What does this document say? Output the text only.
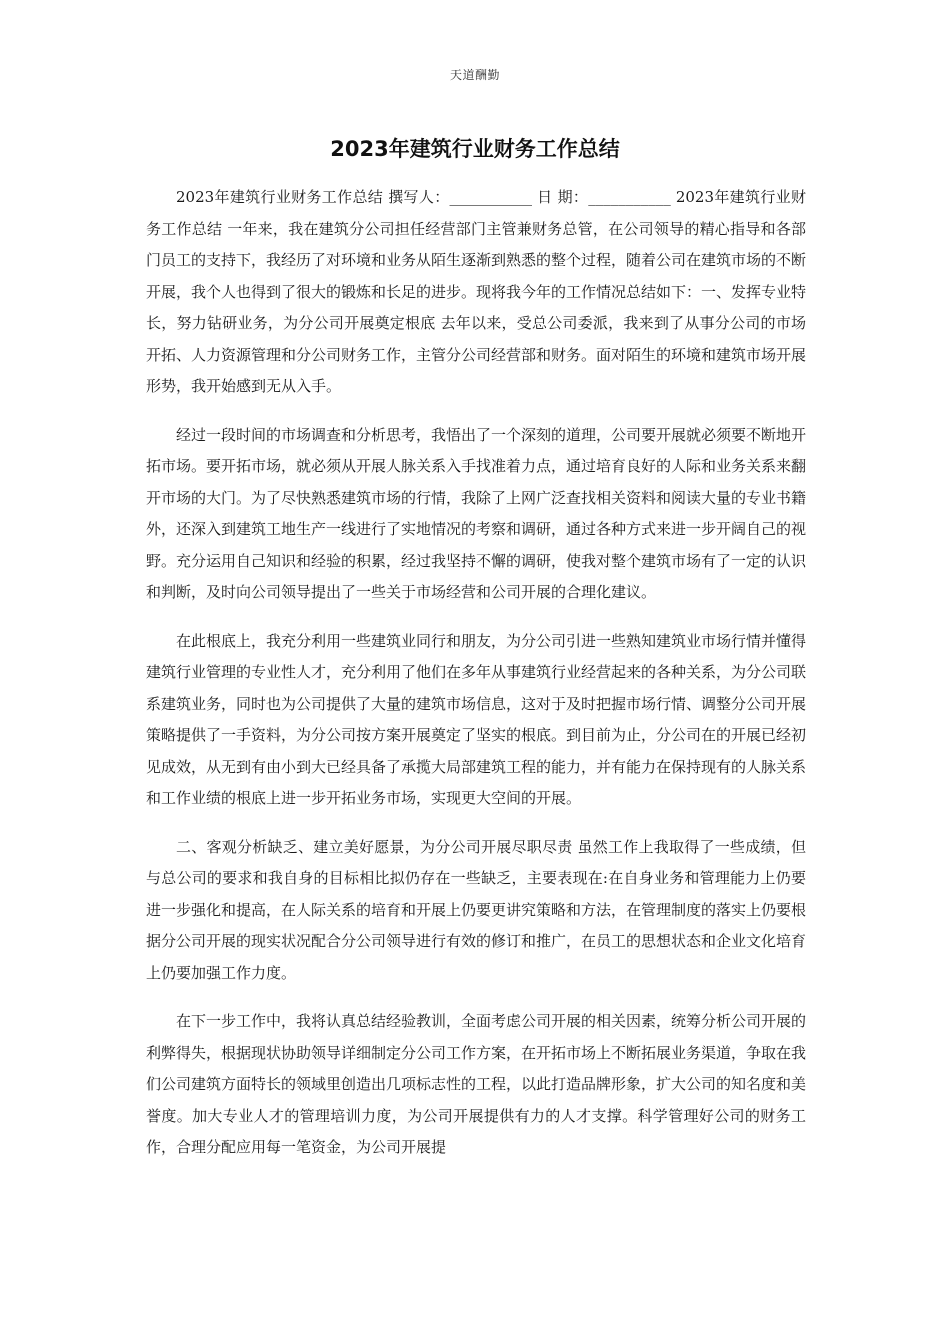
天道酬勤
2023年建筑行业财务工作总结

2023年建筑行业财务工作总结 撰写人：___________ 日 期：___________ 2023年建筑行业财务工作总结 一年来，我在建筑分公司担任经营部门主管兼财务总管，在公司领导的精心指导和各部门员工的支持下，我经历了对环境和业务从陌生逐渐到熟悉的整个过程，随着公司在建筑市场的不断开展，我个人也得到了很大的锻炼和长足的进步。现将我今年的工作情况总结如下：一、发挥专业特长，努力钻研业务，为分公司开展奠定根底 去年以来，受总公司委派，我来到了从事分公司的市场开拓、人力资源管理和分公司财务工作，主管分公司经营部和财务。面对陌生的环境和建筑市场开展形势，我开始感到无从入手。

经过一段时间的市场调查和分析思考，我悟出了一个深刻的道理，公司要开展就必须要不断地开拓市场。要开拓市场，就必须从开展人脉关系入手找准着力点，通过培育良好的人际和业务关系来翻开市场的大门。为了尽快熟悉建筑市场的行情，我除了上网广泛查找相关资料和阅读大量的专业书籍外，还深入到建筑工地生产一线进行了实地情况的考察和调研，通过各种方式来进一步开阔自己的视野。充分运用自己知识和经验的积累，经过我坚持不懈的调研，使我对整个建筑市场有了一定的认识和判断，及时向公司领导提出了一些关于市场经营和公司开展的合理化建议。

在此根底上，我充分利用一些建筑业同行和朋友，为分公司引进一些熟知建筑业市场行情并懂得建筑行业管理的专业性人才，充分利用了他们在多年从事建筑行业经营起来的各种关系，为分公司联系建筑业务，同时也为公司提供了大量的建筑市场信息，这对于及时把握市场行情、调整分公司开展策略提供了一手资料，为分公司按方案开展奠定了坚实的根底。到目前为止，分公司在的开展已经初见成效，从无到有由小到大已经具备了承揽大局部建筑工程的能力，并有能力在保持现有的人脉关系和工作业绩的根底上进一步开拓业务市场，实现更大空间的开展。

二、客观分析缺乏、建立美好愿景，为分公司开展尽职尽责 虽然工作上我取得了一些成绩，但与总公司的要求和我自身的目标相比拟仍存在一些缺乏，主要表现在:在自身业务和管理能力上仍要进一步强化和提高，在人际关系的培育和开展上仍要更讲究策略和方法，在管理制度的落实上仍要根据分公司开展的现实状况配合分公司领导进行有效的修订和推广，在员工的思想状态和企业文化培育上仍要加强工作力度。

在下一步工作中，我将认真总结经验教训，全面考虑公司开展的相关因素，统筹分析公司开展的利弊得失，根据现状协助领导详细制定分公司工作方案，在开拓市场上不断拓展业务渠道，争取在我们公司建筑方面特长的领域里创造出几项标志性的工程，以此打造品牌形象，扩大公司的知名度和美誉度。加大专业人才的管理培训力度，为公司开展提供有力的人才支撑。科学管理好公司的财务工作，合理分配应用每一笔资金，为公司开展提
